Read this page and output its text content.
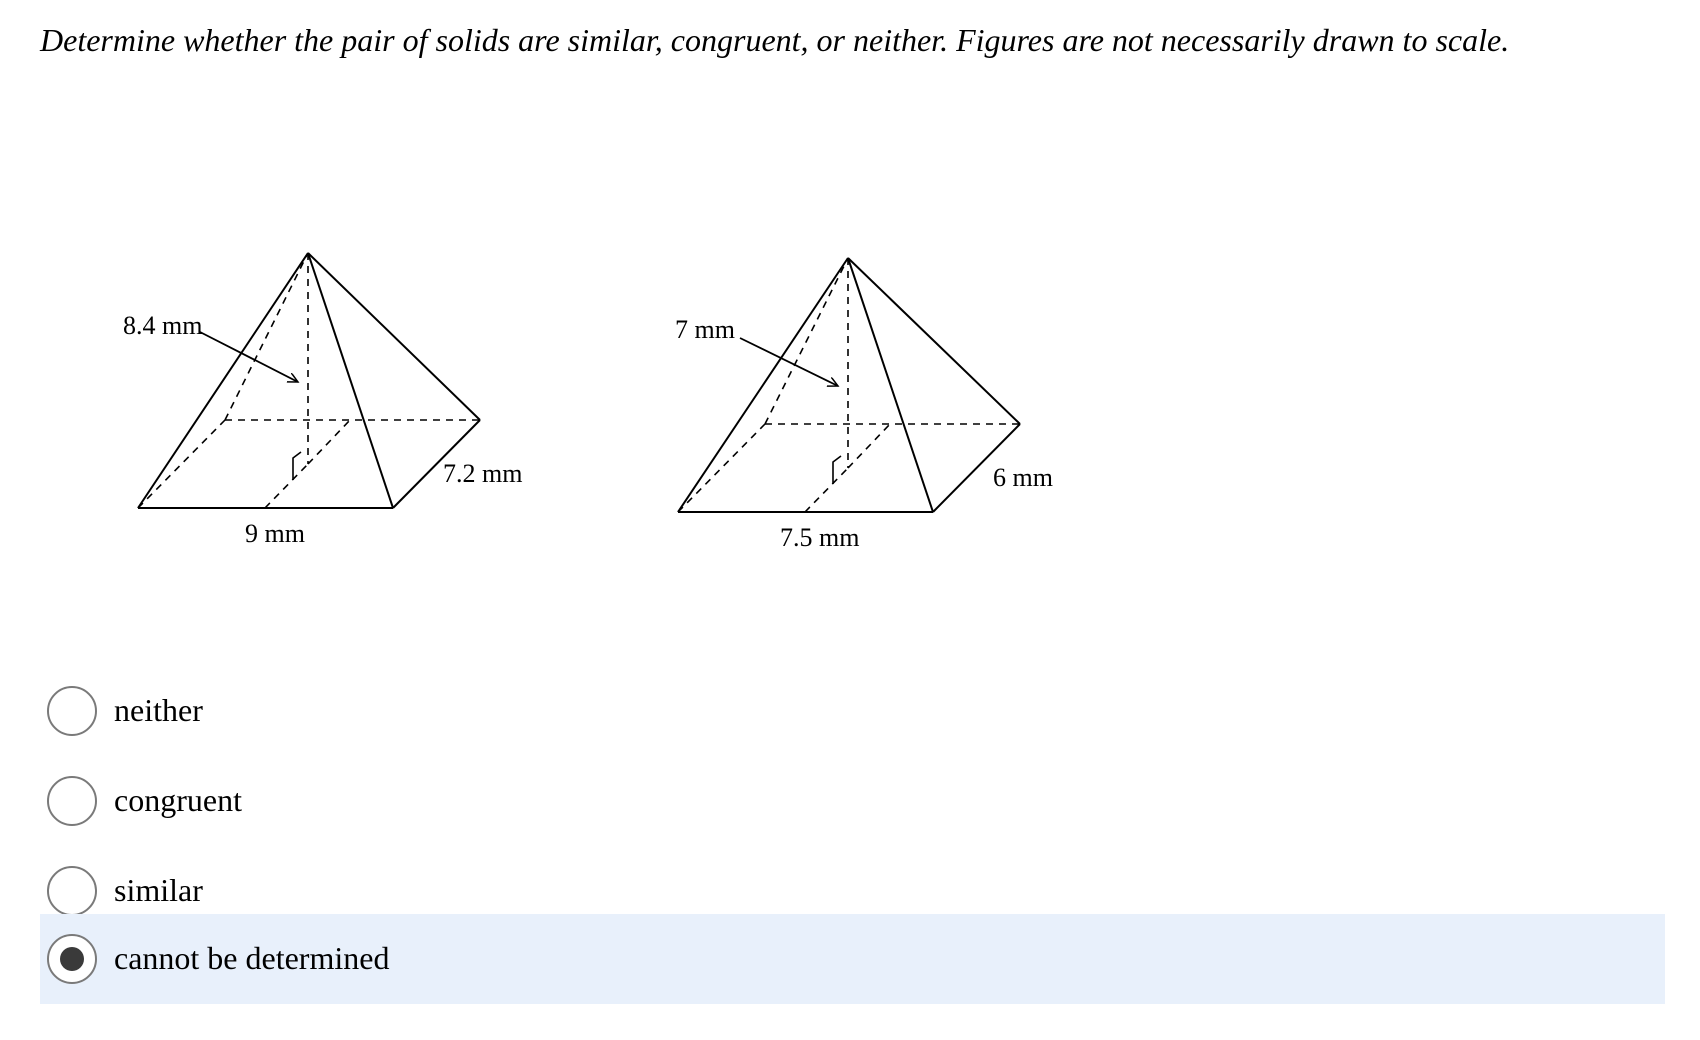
Determine whether the pair of solids are similar, congruent, or neither. Figures are not necessarily drawn to scale.
8.4 mm
9 mm
7.2 mm
7 mm
7.5 mm
6 mm
neither
congruent
similar
cannot be determined
